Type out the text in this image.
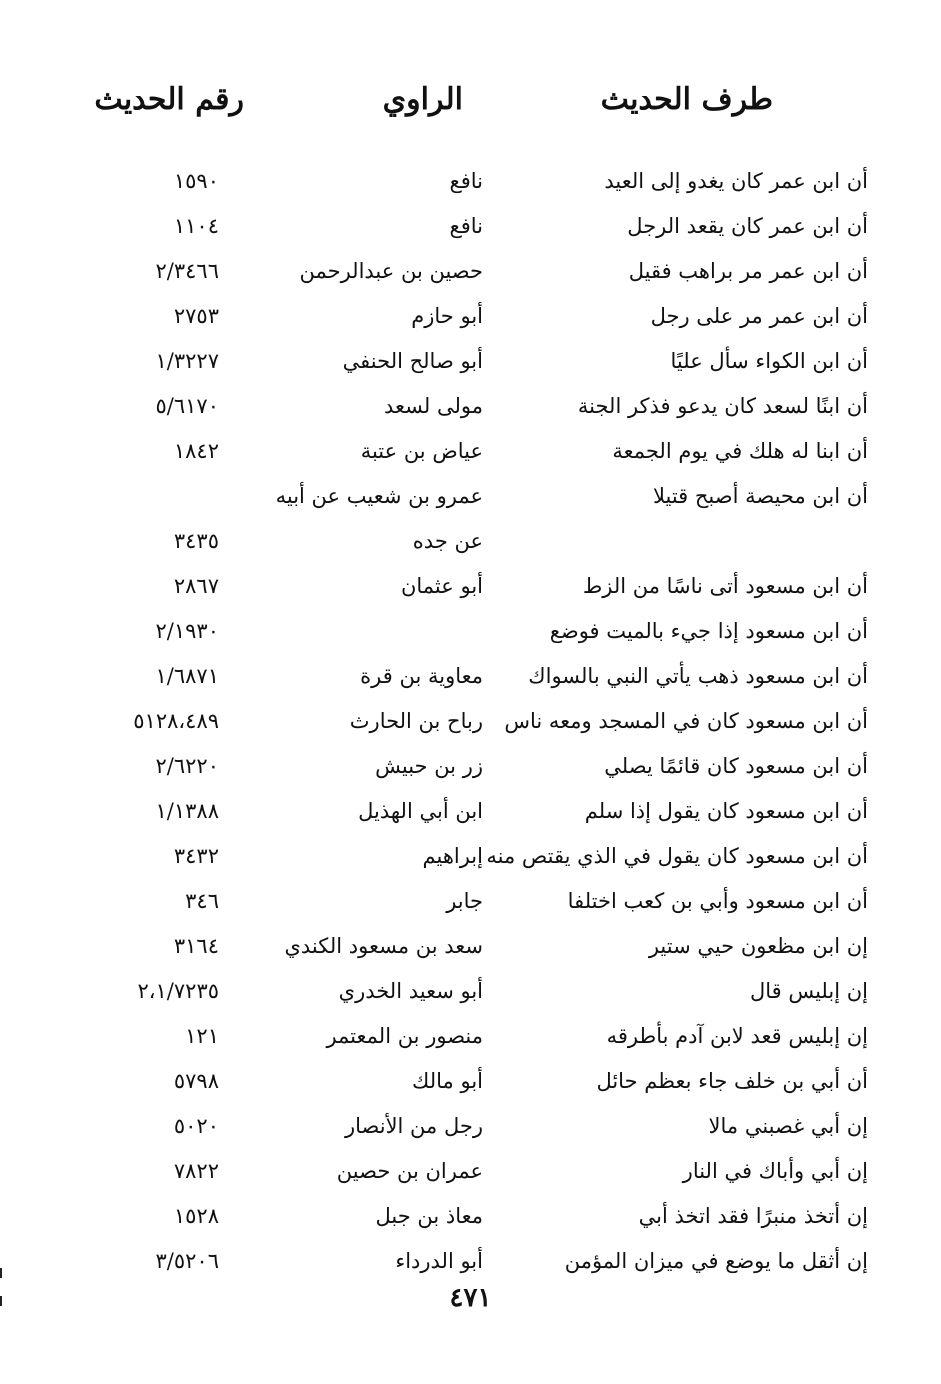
طرف الحديث
الراوي
رقم الحديث
أن ابن عمر كان يغدو إلى العيد
نافع
١٥٩٠
أن ابن عمر كان يقعد الرجل
نافع
١١٠٤
أن ابن عمر مر براهب فقيل
حصين بن عبدالرحمن
٢/٣٤٦٦
أن ابن عمر مر على رجل
أبو حازم
٢٧٥٣
أن ابن الكواء سأل عليًا
أبو صالح الحنفي
١/٣٢٢٧
أن ابنًا لسعد كان يدعو فذكر الجنة
مولى لسعد
٥/٦١٧٠
أن ابنا له هلك في يوم الجمعة
عياض بن عتبة
١٨٤٢
أن ابن محيصة أصبح قتيلا
عمرو بن شعيب عن أبيه
عن جده
٣٤٣٥
أن ابن مسعود أتى ناسًا من الزط
أبو عثمان
٢٨٦٧
أن ابن مسعود إذا جيء بالميت فوضع
٢/١٩٣٠
أن ابن مسعود ذهب يأتي النبي بالسواك
معاوية بن قرة
١/٦٨٧١
أن ابن مسعود كان في المسجد ومعه ناس
رباح بن الحارث
٥١٢٨،٤٨٩
أن ابن مسعود كان قائمًا يصلي
زر بن حبيش
٢/٦٢٢٠
أن ابن مسعود كان يقول إذا سلم
ابن أبي الهذيل
١/١٣٨٨
أن ابن مسعود كان يقول في الذي يقتص منه
إبراهيم
٣٤٣٢
أن ابن مسعود وأبي بن كعب اختلفا
جابر
٣٤٦
إن ابن مظعون حيي ستير
سعد بن مسعود الكندي
٣١٦٤
إن إبليس قال
أبو سعيد الخدري
٢،١/٧٢٣٥
إن إبليس قعد لابن آدم بأطرقه
منصور بن المعتمر
١٢١
أن أبي بن خلف جاء بعظم حائل
أبو مالك
٥٧٩٨
إن أبي غصبني مالا
رجل من الأنصار
٥٠٢٠
إن أبي وأباك في النار
عمران بن حصين
٧٨٢٢
إن أتخذ منبرًا فقد اتخذ أبي
معاذ بن جبل
١٥٢٨
إن أثقل ما يوضع في ميزان المؤمن
أبو الدرداء
٣/٥٢٠٦
٤٧١
